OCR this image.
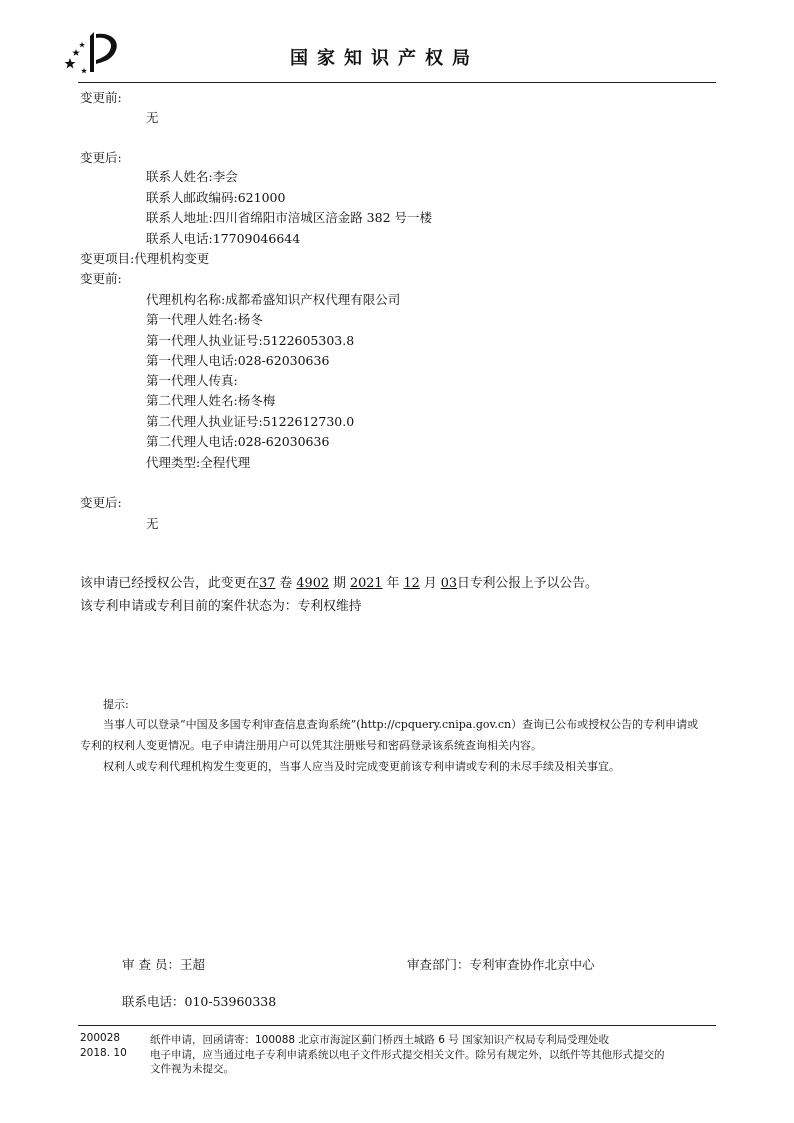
国家知识产权局
变更前:
无
变更后:
联系人姓名:李会
联系人邮政编码:621000
联系人地址:四川省绵阳市涪城区涪金路 382 号一楼
联系人电话:17709046644
变更项目:代理机构变更
变更前:
代理机构名称:成都希盛知识产权代理有限公司
第一代理人姓名:杨冬
第一代理人执业证号:5122605303.8
第一代理人电话:028-62030636
第一代理人传真:
第二代理人姓名:杨冬梅
第二代理人执业证号:5122612730.0
第二代理人电话:028-62030636
代理类型:全程代理
变更后:
无
该申请已经授权公告，此变更在37 卷 4902 期 2021 年 12 月 03日专利公报上予以公告。
该专利申请或专利目前的案件状态为：专利权维持
提示:
当事人可以登录“中国及多国专利审查信息查询系统”(http://cpquery.cnipa.gov.cn）查询已公布或授权公告的专利申请或
专利的权利人变更情况。电子申请注册用户可以凭其注册账号和密码登录该系统查询相关内容。
权利人或专利代理机构发生变更的，当事人应当及时完成变更前该专利申请或专利的未尽手续及相关事宜。
审 查 员：王超	审查部门：专利审查协作北京中心
联系电话：010-53960338
200028
2018. 10
纸件申请，回函请寄：100088 北京市海淀区蓟门桥西土城路 6 号 国家知识产权局专利局受理处收
电子申请，应当通过电子专利申请系统以电子文件形式提交相关文件。除另有规定外，以纸件等其他形式提交的
文件视为未提交。
